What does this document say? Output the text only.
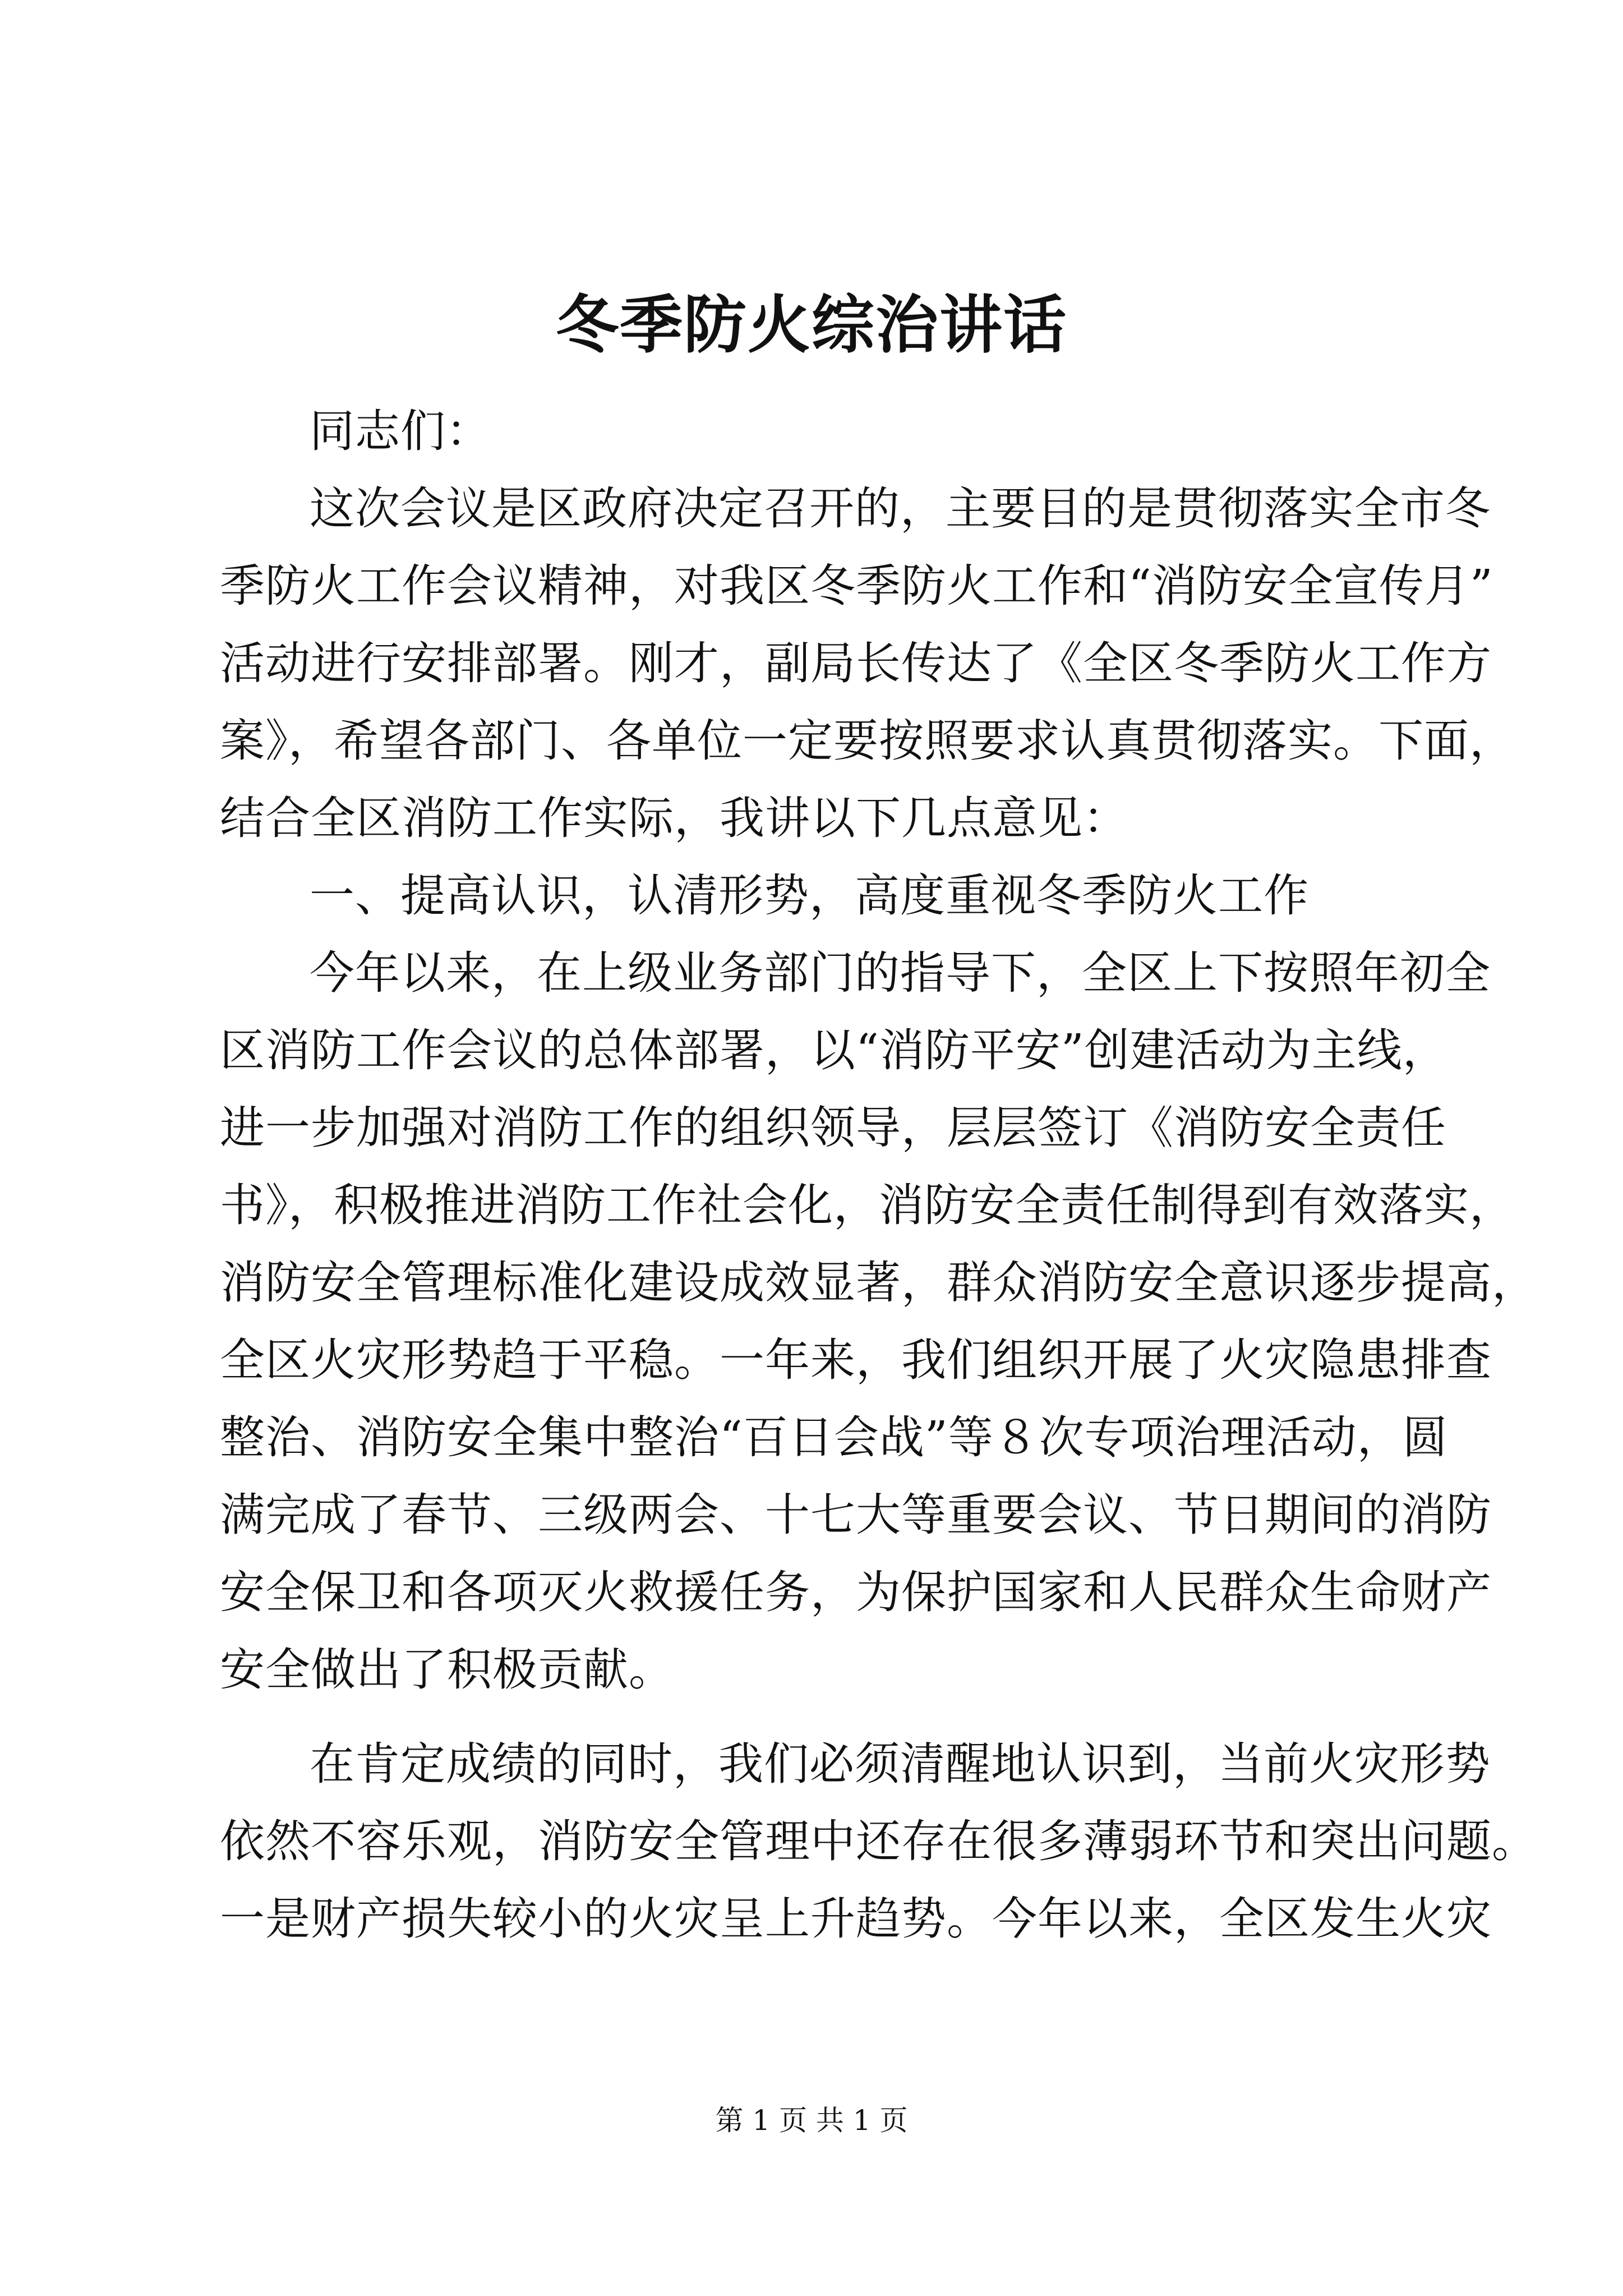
冬季防火综治讲话
同志们：
这次会议是区政府决定召开的，主要目的是贯彻落实全市冬
季防火工作会议精神，对我区冬季防火工作和“消防安全宣传月”
活动进行安排部署。刚才，副局长传达了《全区冬季防火工作方
案》，希望各部门、各单位一定要按照要求认真贯彻落实。下面，
结合全区消防工作实际，我讲以下几点意见：
一、提高认识，认清形势，高度重视冬季防火工作
今年以来，在上级业务部门的指导下，全区上下按照年初全
区消防工作会议的总体部署，以“消防平安”创建活动为主线，
进一步加强对消防工作的组织领导，层层签订《消防安全责任
书》，积极推进消防工作社会化，消防安全责任制得到有效落实，
消防安全管理标准化建设成效显著，群众消防安全意识逐步提高，
全区火灾形势趋于平稳。一年来，我们组织开展了火灾隐患排查
整治、消防安全集中整治“百日会战”等８次专项治理活动，圆
满完成了春节、三级两会、十七大等重要会议、节日期间的消防
安全保卫和各项灭火救援任务，为保护国家和人民群众生命财产
安全做出了积极贡献。
在肯定成绩的同时，我们必须清醒地认识到，当前火灾形势
依然不容乐观，消防安全管理中还存在很多薄弱环节和突出问题。
一是财产损失较小的火灾呈上升趋势。今年以来，全区发生火灾
第 1 页 共 1 页
